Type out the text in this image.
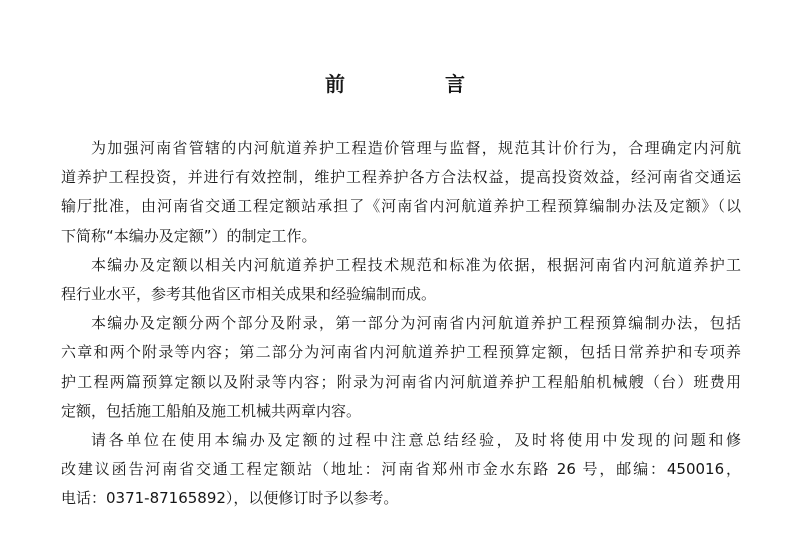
前　言
为加强河南省管辖的内河航道养护工程造价管理与监督，规范其计价行为，合理确定内河航
道养护工程投资，并进行有效控制，维护工程养护各方合法权益，提高投资效益，经河南省交通运
输厅批准，由河南省交通工程定额站承担了《河南省内河航道养护工程预算编制办法及定额》（以
下简称“本编办及定额”）的制定工作。
本编办及定额以相关内河航道养护工程技术规范和标准为依据，根据河南省内河航道养护工
程行业水平，参考其他省区市相关成果和经验编制而成。
本编办及定额分两个部分及附录，第一部分为河南省内河航道养护工程预算编制办法，包括
六章和两个附录等内容；第二部分为河南省内河航道养护工程预算定额，包括日常养护和专项养
护工程两篇预算定额以及附录等内容；附录为河南省内河航道养护工程船舶机械艘（台）班费用
定额，包括施工船舶及施工机械共两章内容。
请各单位在使用本编办及定额的过程中注意总结经验，及时将使用中发现的问题和修
改建议函告河南省交通工程定额站（地址：河南省郑州市金水东路 26 号，邮编：450016，
电话：0371-87165892），以便修订时予以参考。
